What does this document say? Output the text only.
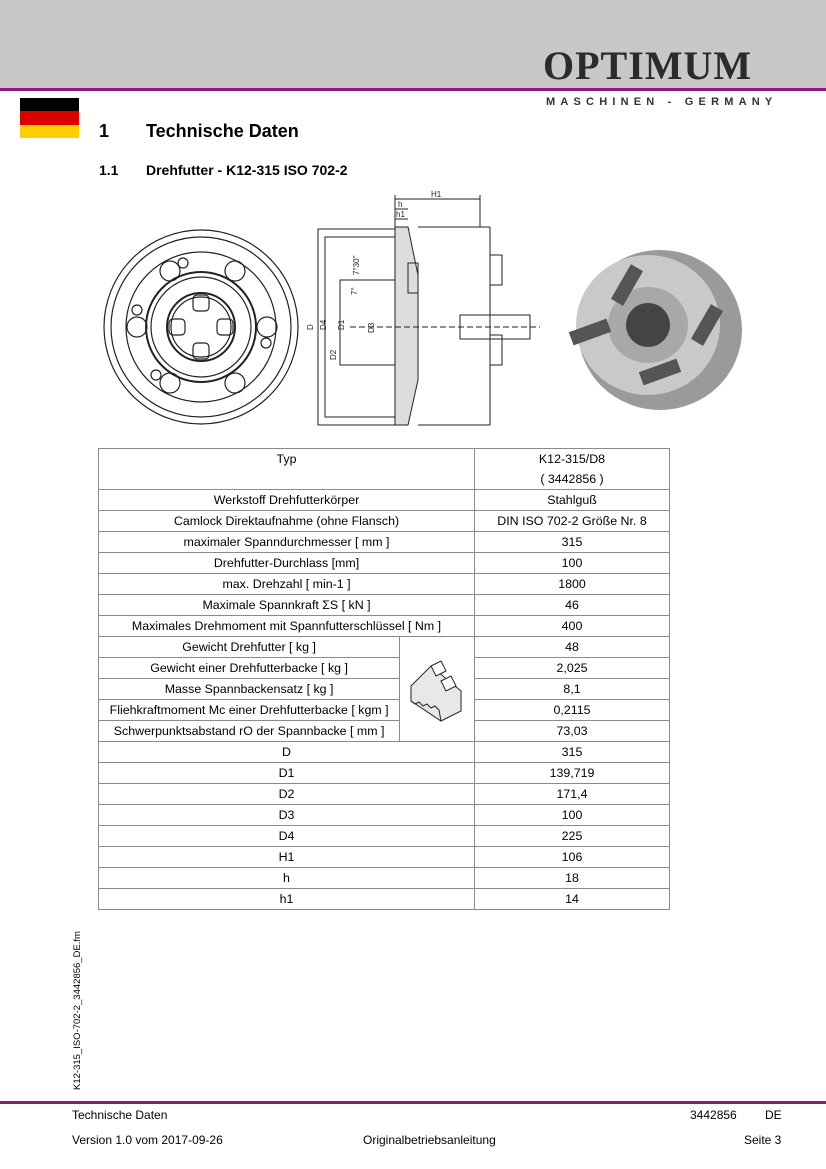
OPTIMUM
MASCHINEN - GERMANY
1 Technische Daten
1.1 Drehfutter - K12-315 ISO 702-2
H1
h
h1
D D4 D1
D2
D3
7°
7°30''
Typ		K12-315/D8
( 3442856 )

Werkstoff Drehfutterkörper		Stahlguß
Camlock Direktaufnahme (ohne Flansch)		DIN ISO 702-2 Größe Nr. 8
maximaler Spanndurchmesser [ mm ]		315
Drehfutter-Durchlass [mm]		100
max. Drehzahl [ min-1 ]		1800
Maximale Spannkraft ΣS [ kN ]		46
Maximales Drehmoment mit Spannfutterschlüssel [ Nm ]		400
Gewicht Drehfutter [ kg ]		48
Gewicht einer Drehfutterbacke [ kg ]		2,025
Masse Spannbackensatz [ kg ]		8,1
Fliehkraftmoment Mc einer Drehfutterbacke [ kgm ]		0,2115
Schwerpunktsabstand rO der Spannbacke [ mm ]		73,03
D		315
D1		139,719
D2		171,4
D3		100
D4		225
H1		106
h		18
h1		14
K12-315_ISO-702-2_3442856_DE.fm
Technische Daten	3442856 DE
Version 1.0 vom 2017-09-26	Originalbetriebsanleitung	Seite 3
